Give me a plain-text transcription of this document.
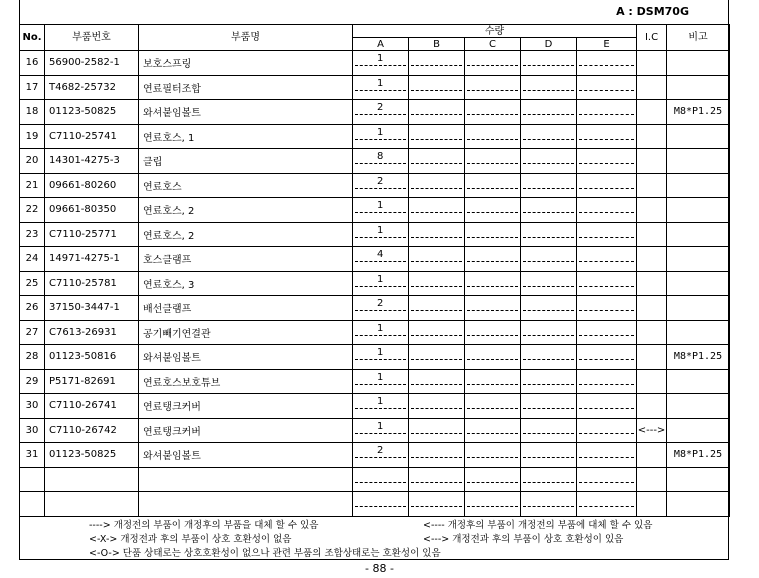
A : DSM70G
No.	부품번호	부품명	수량					I.C	비고
			A	B	C	D	E		
16	56900-2582-1	보호스프링	1						

17	T4682-25732	연료필터조합	1						

18	01123-50825	와셔붙임볼트	2						M8*P1.25
19	C7110-25741	연료호스, 1	1						

20	14301-4275-3	클립	8						

21	09661-80260	연료호스	2						

22	09661-80350	연료호스, 2	1						

23	C7110-25771	연료호스, 2	1						

24	14971-4275-1	호스클램프	4						

25	C7110-25781	연료호스, 3	1						

26	37150-3447-1	배선클램프	2						

27	C7613-26931	공기빼기연결관	1						

28	01123-50816	와셔붙임볼트	1						M8*P1.25
29	P5171-82691	연료호스보호튜브	1						

30	C7110-26741	연료탱크커버	1						

30	C7110-26742	연료탱크커버	1					<--->	
31	01123-50825	와셔붙임볼트	2						M8*P1.25

----> 개정전의 부품이 개정후의 부품을 대체 할 수 있음	<---- 개정후의 부품이 개정전의 부품에 대체 할 수 있음
<-X-> 개정전과 후의 부품이 상호 호환성이 없음	<---> 개정전과 후의 부품이 상호 호환성이 있음
<-O-> 단품 상태로는 상호호환성이 없으나 관련 부품의 조합상태로는 호환성이 있음
- 88 -
